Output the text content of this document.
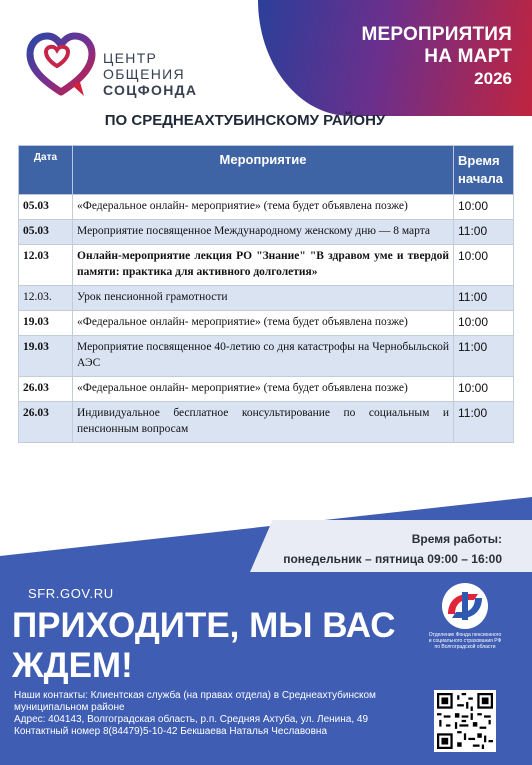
МЕРОПРИЯТИЯ
НА МАРТ
2026
ЦЕНТР
ОБЩЕНИЯ
СОЦФОНДА
ПО СРЕДНЕАХТУБИНСКОМУ РАЙОНУ
Дата	Мероприятие	Время начала
05.03	«Федеральное онлайн- мероприятие» (тема будет объявлена позже)	10:00
05.03	Мероприятие посвященное Международному женскому дню — 8 марта	11:00
12.03	Онлайн-мероприятие лекция РО "Знание" "В здравом уме и твердой памяти: практика для активного долголетия»	10:00
12.03.	Урок пенсионной грамотности	11:00
19.03	«Федеральное онлайн- мероприятие» (тема будет объявлена позже)	10:00
19.03	Мероприятие посвященное 40-летию со дня катастрофы на Чернобыльской АЭС	11:00
26.03	«Федеральное онлайн- мероприятие» (тема будет объявлена позже)	10:00
26.03	Индивидуальное бесплатное консультирование по социальным и пенсионным вопросам	11:00
Время работы:
понедельник – пятница 09:00 – 16:00
SFR.GOV.RU
ПРИХОДИТЕ, МЫ ВАС
ЖДЕМ!
Отделение Фонда пенсионного и социального страхования РФ по Волгоградской области
Наши контакты: Клиентская служба (на правах отдела) в Среднеахтубинском муниципальном районе
Адрес: 404143, Волгоградская область, р.п. Средняя Ахтуба, ул. Ленина, 49
Контактный номер 8(84479)5-10-42 Бекшаева Наталья Чеславовна
